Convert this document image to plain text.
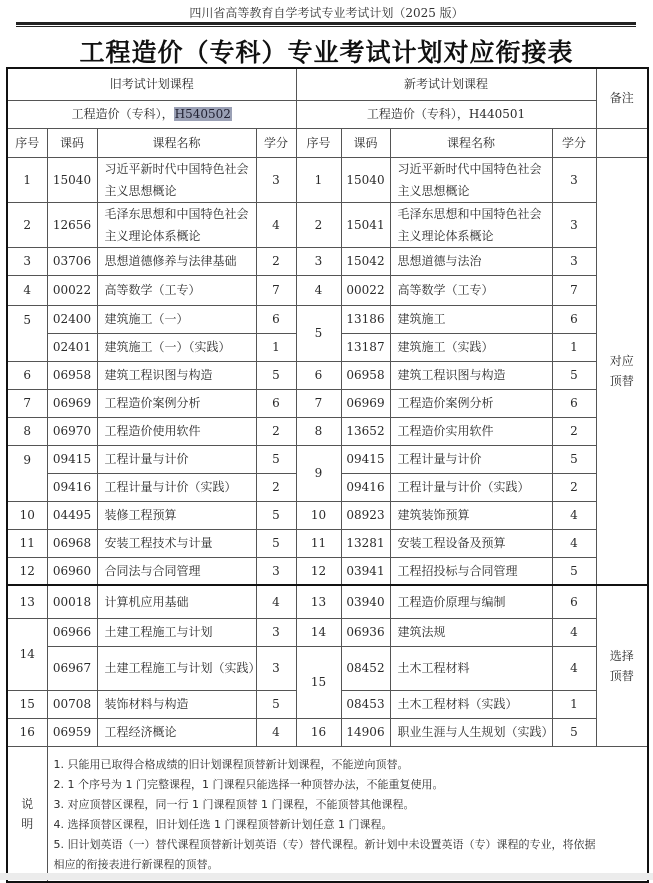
四川省高等教育自学考试专业考试计划（2025 版）
工程造价（专科）专业考试计划对应衔接表
旧考试计划课程				新考试计划课程				备注
工程造价（专科），H540502				工程造价（专科），H440501				
序号	课码	课程名称	学分	序号	课码	课程名称	学分	
1	15040	习近平新时代中国特色社会主义思想概论	3	1	15040	习近平新时代中国特色社会主义思想概论	3	对应
顶替
2	12656	毛泽东思想和中国特色社会主义理论体系概论	4	2	15041	毛泽东思想和中国特色社会主义理论体系概论	3	
3	03706	思想道德修养与法律基础	2	3	15042	思想道德与法治	3	
4	00022	高等数学（工专）	7	4	00022	高等数学（工专）	7	
5	02400	建筑施工（一）	6	5	13186	建筑施工	6	
	02401	建筑施工（一）（实践）	1		13187	建筑施工（实践）	1	
6	06958	建筑工程识图与构造	5	6	06958	建筑工程识图与构造	5	
7	06969	工程造价案例分析	6	7	06969	工程造价案例分析	6	
8	06970	工程造价使用软件	2	8	13652	工程造价实用软件	2	
9	09415	工程计量与计价	5	9	09415	工程计量与计价	5	
	09416	工程计量与计价（实践）	2		09416	工程计量与计价（实践）	2	
10	04495	装修工程预算	5	10	08923	建筑装饰预算	4	
11	06968	安装工程技术与计量	5	11	13281	安装工程设备及预算	4	
12	06960	合同法与合同管理	3	12	03941	工程招投标与合同管理	5	
13	00018	计算机应用基础	4	13	03940	工程造价原理与编制	6	选择
顶替
14	06966	土建工程施工与计划	3	14	06936	建筑法规	4	
	06967	土建工程施工与计划（实践）	3	15	08452	土木工程材料	4	
15	00708	装饰材料与构造	5		08453	土木工程材料（实践）	1	
16	06959	工程经济概论	4	16	14906	职业生涯与人生规划（实践）	5	
说
明	
1. 只能用已取得合格成绩的旧计划课程顶替新计划课程，不能逆向顶替。
2. 1 个序号为 1 门完整课程，1 门课程只能选择一种顶替办法，不能重复使用。
3. 对应顶替区课程，同一行 1 门课程顶替 1 门课程，不能顶替其他课程。
4. 选择顶替区课程，旧计划任选 1 门课程顶替新计划任意 1 门课程。
5. 旧计划英语（一）替代课程顶替新计划英语（专）替代课程。新计划中未设置英语（专）课程的专业，将依据
相应的衔接表进行新课程的顶替。
